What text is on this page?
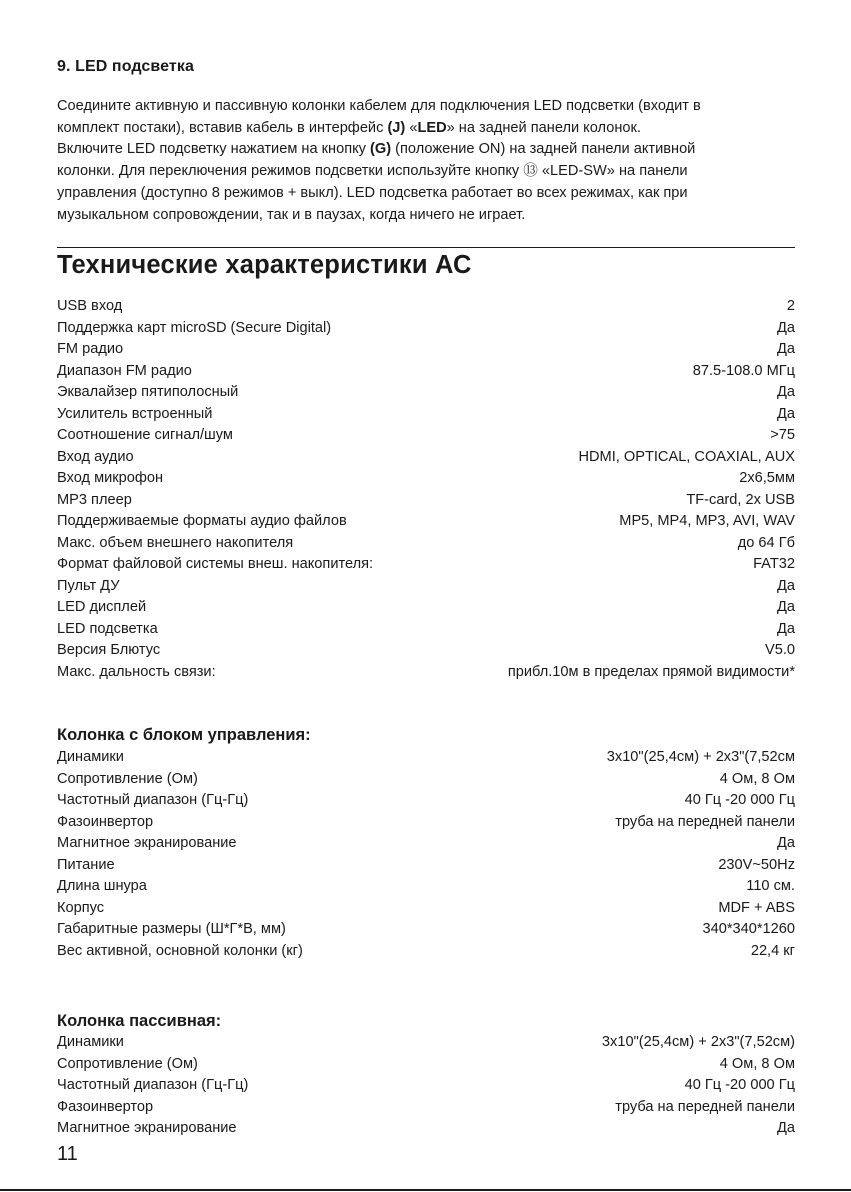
9. LED подсветка
Соедините активную и пассивную колонки кабелем для подключения LED подсветки (входит в
комплект постаки), вставив кабель в интерфейс (J) «LED» на задней панели колонок.
Включите LED подсветку нажатием на кнопку (G) (положение ON) на задней панели активной
колонки. Для переключения режимов подсветки используйте кнопку ⑬ «LED-SW» на панели
управления (доступно 8 режимов + выкл). LED подсветка работает во всех режимах, как при
музыкальном сопровождении, так и в паузах, когда ничего не играет.
Технические характеристики АС
USB вход	2
Поддержка карт microSD (Secure Digital)	Да
FM радио	Да
Диапазон FM радио	87.5-108.0 МГц
Эквалайзер пятиполосный	Да
Усилитель встроенный	Да
Соотношение сигнал/шум	>75
Вход аудио	HDMI, OPTICAL, COAXIAL, AUX
Вход микрофон	2x6,5мм
MP3 плеер	TF-card, 2x USB
Поддерживаемые форматы аудио файлов	MP5, MP4, MP3, AVI, WAV
Макс. объем внешнего накопителя	до 64 Гб
Формат файловой системы внеш. накопителя:	FAT32
Пульт ДУ	Да
LED дисплей	Да
LED подсветка	Да
Версия Блютус	V5.0
Макс. дальность связи:	прибл.10м в пределах прямой видимости*
Колонка с блоком управления:
Динамики	3x10"(25,4см) + 2x3"(7,52см
Сопротивление (Ом)	4 Ом, 8 Ом
Частотный диапазон (Гц-Гц)	40 Гц -20 000 Гц
Фазоинвертор	труба на передней панели
Магнитное экранирование	Да
Питание	230V~50Hz
Длина шнура	110 см.
Корпус	MDF + ABS
Габаритные размеры (Ш*Г*В, мм)	340*340*1260
Вес активной, основной колонки (кг)	22,4 кг
Колонка пассивная:
Динамики	3x10"(25,4см) + 2x3"(7,52см)
Сопротивление (Ом)	4 Ом, 8 Ом
Частотный диапазон (Гц-Гц)	40 Гц -20 000 Гц
Фазоинвертор	труба на передней панели
Магнитное экранирование	Да
11
